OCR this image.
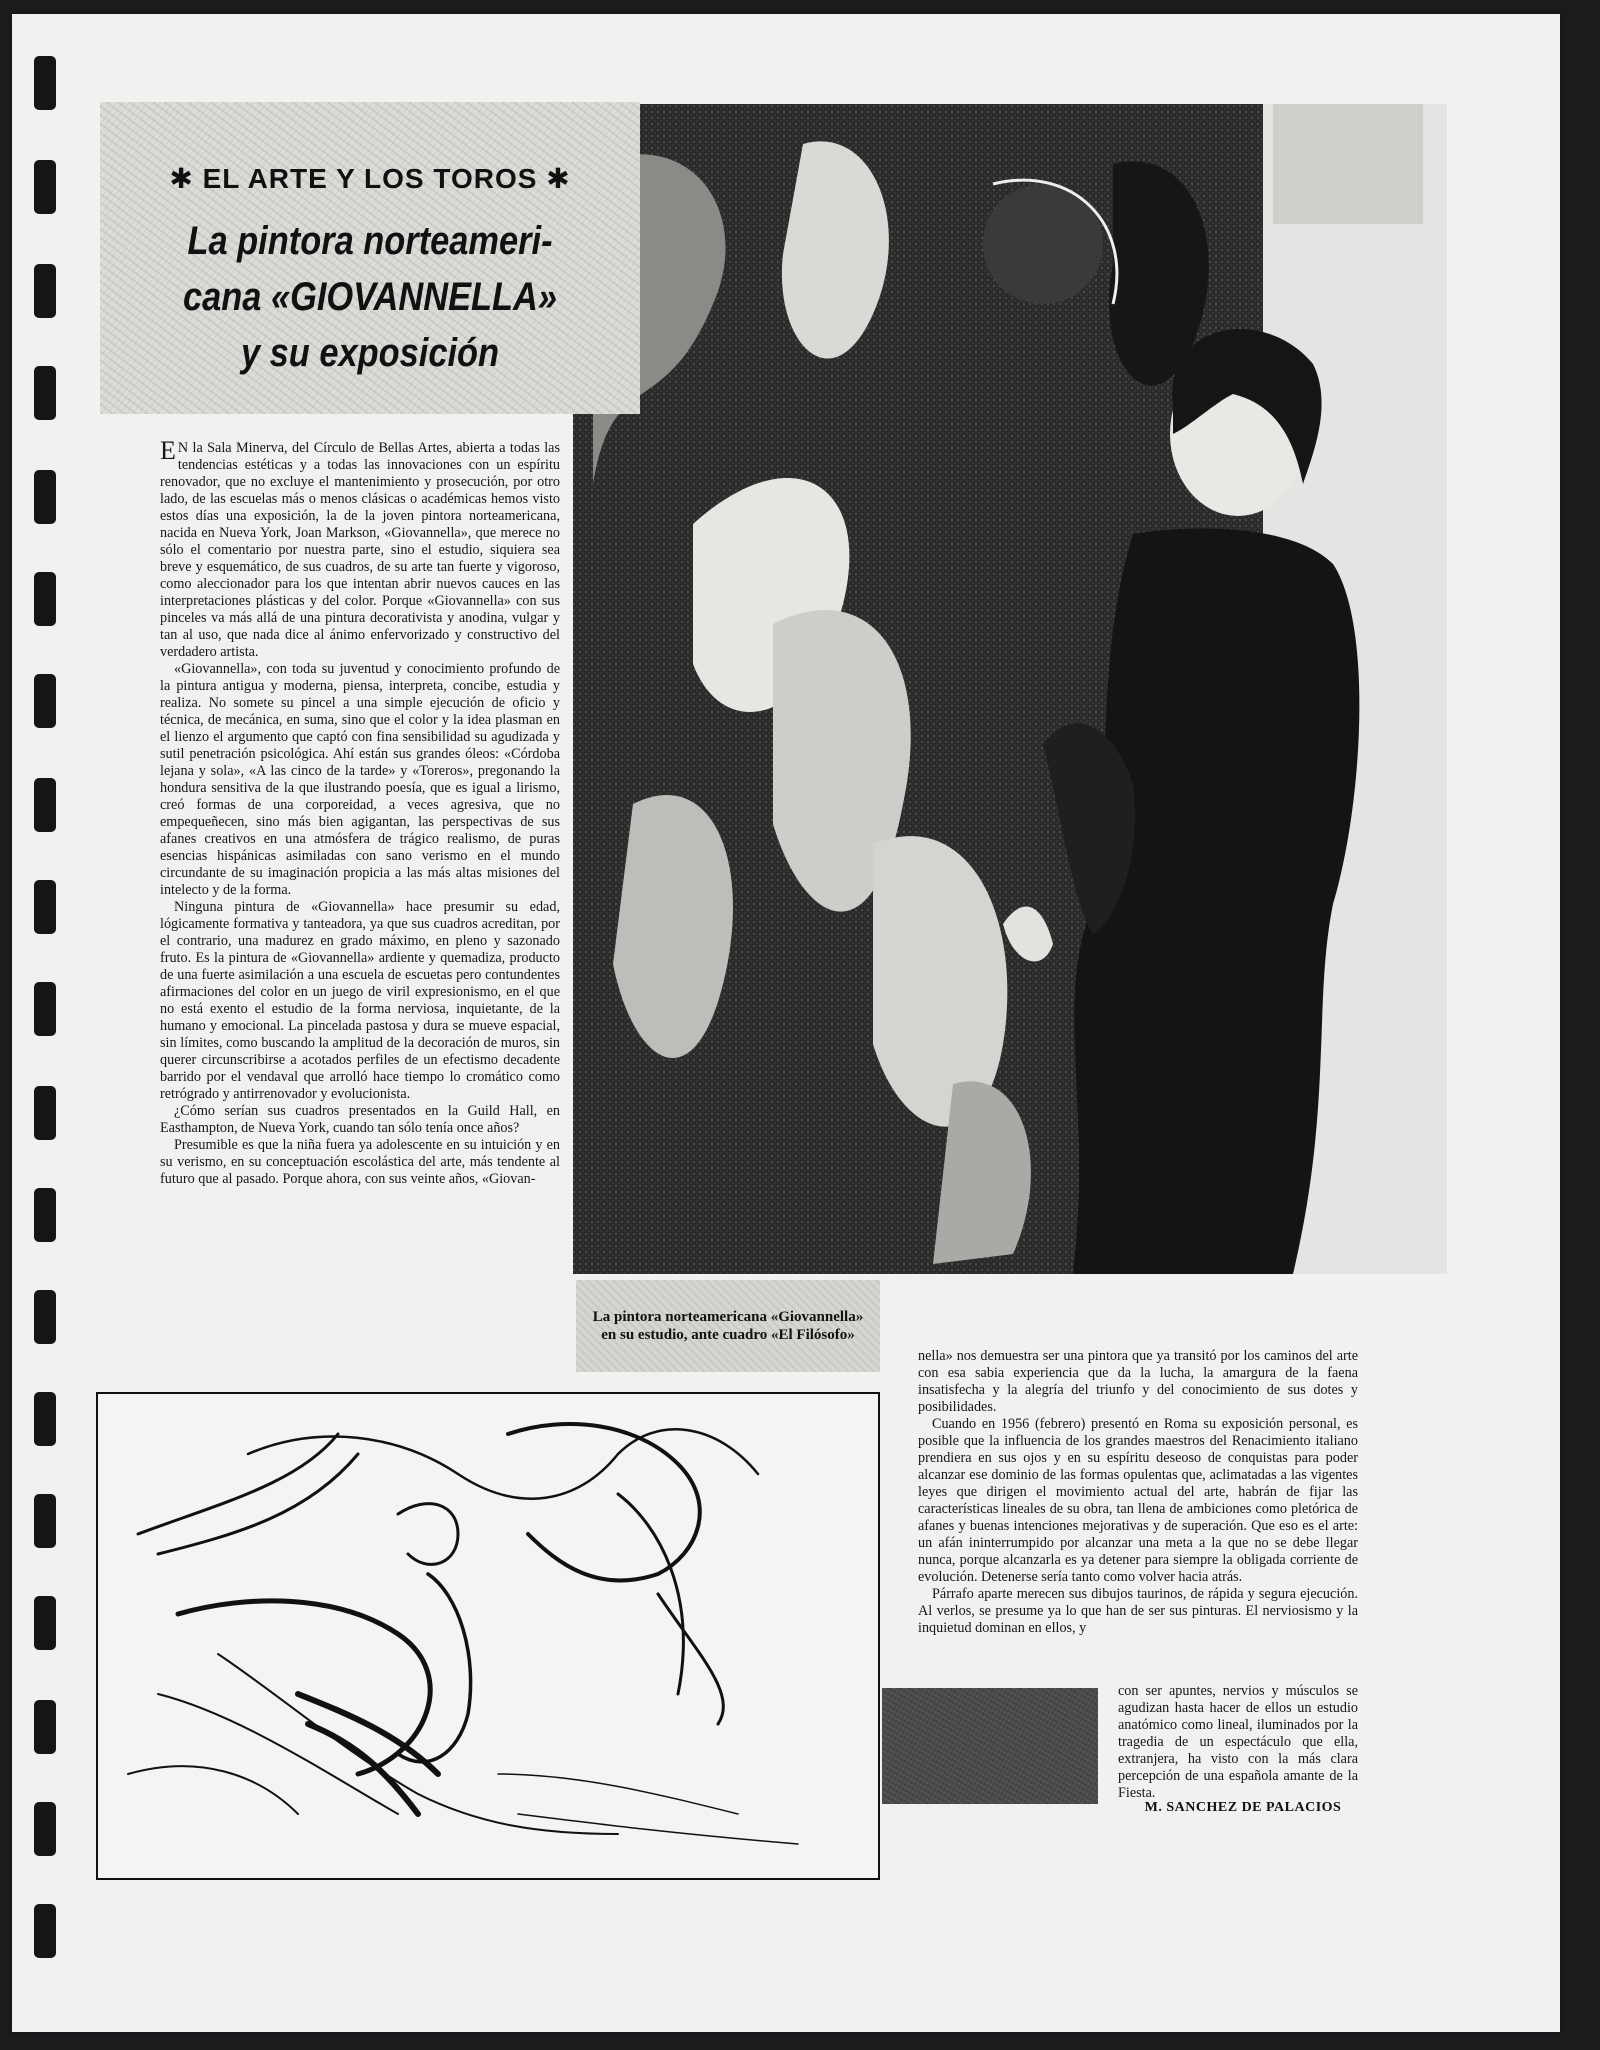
✱ EL ARTE Y LOS TOROS ✱
La pintora norteameri-
cana «GIOVANNELLA»
y su exposición

E N la Sala Minerva, del Círculo de Bellas Artes, abierta a todas las tendencias estéticas y a todas las innovaciones con un espíritu renovador, que no excluye el mantenimiento y prosecución, por otro lado, de las escuelas más o menos clásicas o académicas hemos visto estos días una exposición, la de la joven pintora norteamericana, nacida en Nueva York, Joan Markson, «Giovannella», que merece no sólo el comentario por nuestra parte, sino el estudio, siquiera sea breve y esquemático, de sus cuadros, de su arte tan fuerte y vigoroso, como aleccionador para los que intentan abrir nuevos cauces en las interpretaciones plásticas y del color. Porque «Giovannella» con sus pinceles va más allá de una pintura decorativista y anodina, vulgar y tan al uso, que nada dice al ánimo enfervorizado y constructivo del verdadero artista.

«Giovannella», con toda su juventud y conocimiento profundo de la pintura antigua y moderna, piensa, interpreta, concibe, estudia y realiza. No somete su pincel a una simple ejecución de oficio y técnica, de mecánica, en suma, sino que el color y la idea plasman en el lienzo el argumento que captó con fina sensibilidad su agudizada y sutil penetración psicológica. Ahí están sus grandes óleos: «Córdoba lejana y sola», «A las cinco de la tarde» y «Toreros», pregonando la hondura sensitiva de la que ilustrando poesía, que es igual a lirismo, creó formas de una corporeidad, a veces agresiva, que no empequeñecen, sino más bien agigantan, las perspectivas de sus afanes creativos en una atmósfera de trágico realismo, de puras esencias hispánicas asimiladas con sano verismo en el mundo circundante de su imaginación propicia a las más altas misiones del intelecto y de la forma.

Ninguna pintura de «Giovannella» hace presumir su edad, lógicamente formativa y tanteadora, ya que sus cuadros acreditan, por el contrario, una madurez en grado máximo, en pleno y sazonado fruto. Es la pintura de «Giovannella» ardiente y quemadiza, producto de una fuerte asimilación a una escuela de escuetas pero contundentes afirmaciones del color en un juego de viril expresionismo, en el que no está exento el estudio de la forma nerviosa, inquietante, de la humano y emocional. La pincelada pastosa y dura se mueve espacial, sin límites, como buscando la amplitud de la decoración de muros, sin querer circunscribirse a acotados perfiles de un efectismo decadente barrido por el vendaval que arrolló hace tiempo lo cromático como retrógrado y antirrenovador y evolucionista.

¿Cómo serían sus cuadros presentados en la Guild Hall, en Easthampton, de Nueva York, cuando tan sólo tenía once años?

Presumible es que la niña fuera ya adolescente en su intuición y en su verismo, en su conceptuación escolástica del arte, más tendente al futuro que al pasado. Porque ahora, con sus veinte años, «Giovan-

La pintora norteamericana «Giovannella» en su estudio, ante cuadro «El Filósofo»

nella» nos demuestra ser una pintora que ya transitó por los caminos del arte con esa sabia experiencia que da la lucha, la amargura de la faena insatisfecha y la alegría del triunfo y del conocimiento de sus dotes y posibilidades.

Cuando en 1956 (febrero) presentó en Roma su exposición personal, es posible que la influencia de los grandes maestros del Renacimiento italiano prendiera en sus ojos y en su espíritu deseoso de conquistas para poder alcanzar ese dominio de las formas opulentas que, aclimatadas a las vigentes leyes que dirigen el movimiento actual del arte, habrán de fijar las características lineales de su obra, tan llena de ambiciones como pletórica de afanes y buenas intenciones mejorativas y de superación. Que eso es el arte: un afán ininterrumpido por alcanzar una meta a la que no se debe llegar nunca, porque alcanzarla es ya detener para siempre la obligada corriente de evolución. Detenerse sería tanto como volver hacia atrás.

Párrafo aparte merecen sus dibujos taurinos, de rápida y segura ejecución. Al verlos, se presume ya lo que han de ser sus pinturas. El nerviosismo y la inquietud dominan en ellos, y

con ser apuntes, nervios y músculos se agudizan hasta hacer de ellos un estudio anatómico como lineal, iluminados por la tragedia de un espectáculo que ella, extranjera, ha visto con la más clara percepción de una española amante de la Fiesta.

M. SANCHEZ DE PALACIOS
